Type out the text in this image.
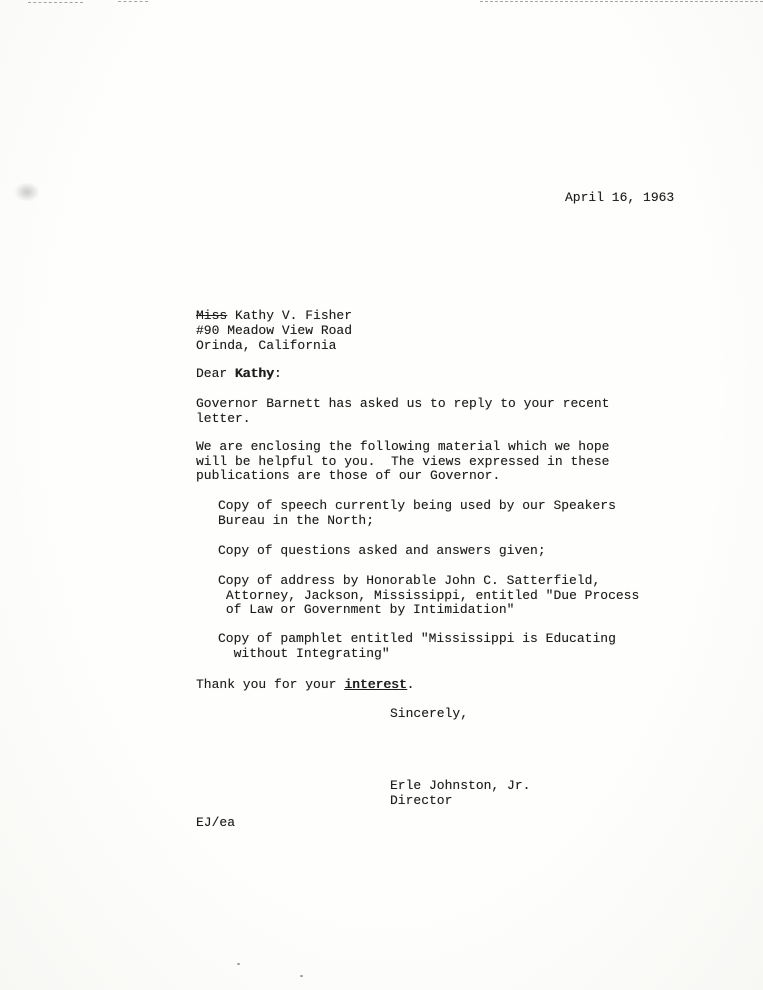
April 16, 1963
Miss Kathy V. Fisher
#90 Meadow View Road
Orinda, California
Dear Kathy:
Governor Barnett has asked us to reply to your recent
letter.
We are enclosing the following material which we hope
will be helpful to you.  The views expressed in these
publications are those of our Governor.
Copy of speech currently being used by our Speakers
Bureau in the North;
Copy of questions asked and answers given;
Copy of address by Honorable John C. Satterfield,
Attorney, Jackson, Mississippi, entitled "Due Process
of Law or Government by Intimidation"
Copy of pamphlet entitled "Mississippi is Educating
without Integrating"
Thank you for your interest.
Sincerely,
Erle Johnston, Jr.
Director
EJ/ea
